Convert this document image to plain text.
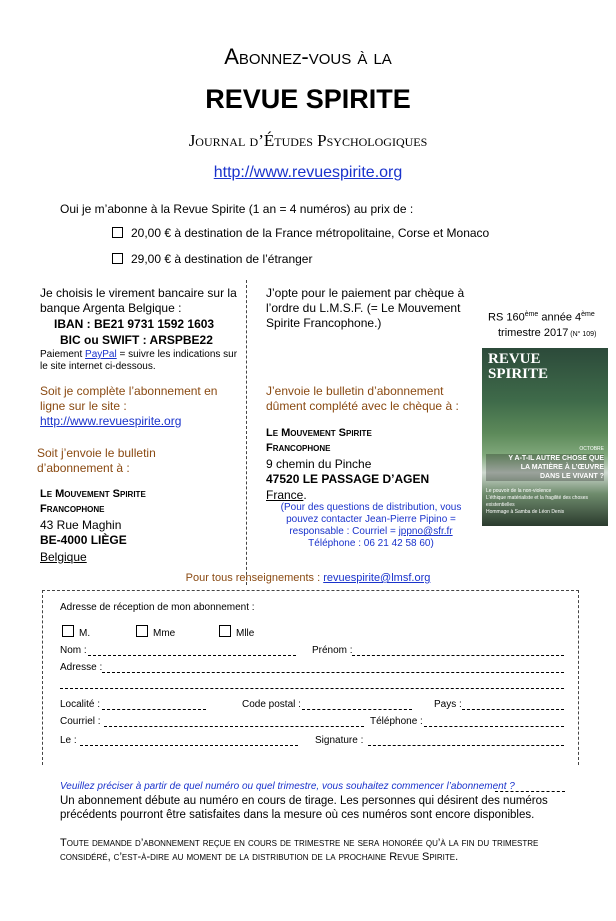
Abonnez-vous à la
REVUE SPIRITE
Journal d’Études Psychologiques
http://www.revuespirite.org
Oui je m’abonne à la Revue Spirite (1 an = 4 numéros) au prix de :
20,00 € à destination de la France métropolitaine, Corse et Monaco
29,00 € à destination de l’étranger
Je choisis le virement bancaire sur la banque Argenta Belgique :
IBAN : BE21 9731 1592 1603
BIC ou SWIFT : ARSPBE22
Paiement PayPal = suivre les indications sur le site internet ci-dessous.
Soit je complète l’abonnement en ligne sur le site :
http://www.revuespirite.org
Soit j’envoie le bulletin d’abonnement à :
Le Mouvement Spirite
Francophone
43 Rue Maghin
BE-4000 LIÈGE
Belgique
J’opte pour le paiement par chèque à l’ordre du L.M.S.F. (= Le Mouvement Spirite Francophone.)
J’envoie le bulletin d’abonnement dûment complété avec le chèque à :
Le Mouvement Spirite
Francophone
9 chemin du Pinche
47520 LE PASSAGE D’AGEN
France.
(Pour des questions de distribution, vous pouvez contacter Jean-Pierre Pipino = responsable : Courriel = jppno@sfr.fr
Téléphone : 06 21 42 58 60)
RS 160ème année 4ème
trimestre 2017 (N° 109)
REVUE
SPIRITE
OCTOBRE
Y A-T-IL AUTRE CHOSE QUE
LA MATIÈRE À L’ŒUVRE
DANS LE VIVANT ?
Le pouvoir de la non-violence
L’éthique matérialiste et la fragilité des choses
existentielles
Hommage à Samba de Léon Denis
Pour tous renseignements : revuespirite@lmsf.org
Adresse de réception de mon abonnement :
M.	Mme	Mlle
Nom :	Prénom :
Adresse :
Localité :	Code postal :	Pays :
Courriel :	Téléphone :
Le :	Signature :
Veuillez préciser à partir de quel numéro ou quel trimestre, vous souhaitez commencer l’abonnement ?
Un abonnement débute au numéro en cours de tirage. Les personnes qui désirent des numéros précédents pourront être satisfaites dans la mesure où ces numéros sont encore disponibles.
Toute demande d’abonnement reçue en cours de trimestre ne sera honorée qu’à la fin du trimestre considéré, c’est-à-dire au moment de la distribution de la prochaine Revue Spirite.
